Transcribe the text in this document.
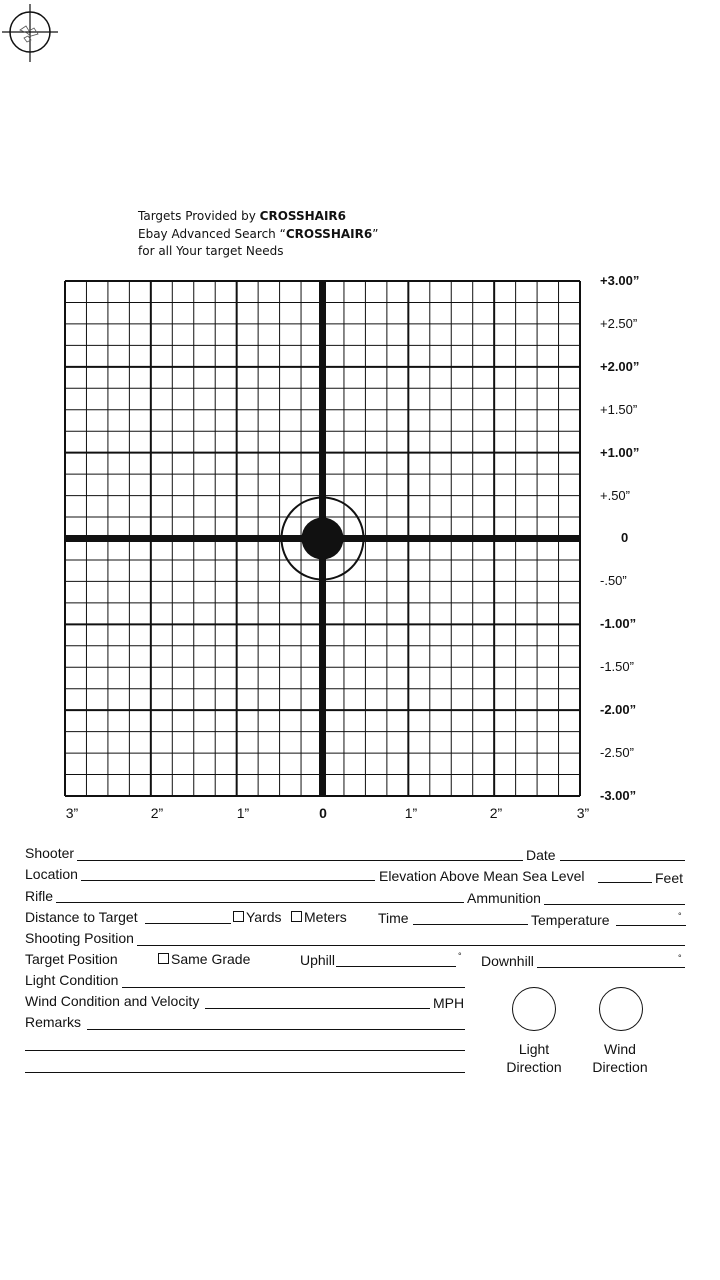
Targets Provided by CROSSHAIR6
Ebay Advanced Search “CROSSHAIR6”
for all Your target Needs
+3.00”
+2.50”
+2.00”
+1.50”
+1.00”
+.50”
0
-.50”
-1.00”
-1.50”
-2.00”
-2.50”
-3.00”
3”	2”	1”	0	1”	2”	3”
Shooter	Date
Location	Elevation Above Mean Sea Level	Feet
Rifle	Ammunition
Distance to Target	Yards	Meters Time	Temperature	°
Shooting Position
Target Position	Same Grade	Uphill	° Downhill	°
Light Condition
Wind Condition and Velocity	MPH
Remarks
Light
Direction
Wind
Direction
